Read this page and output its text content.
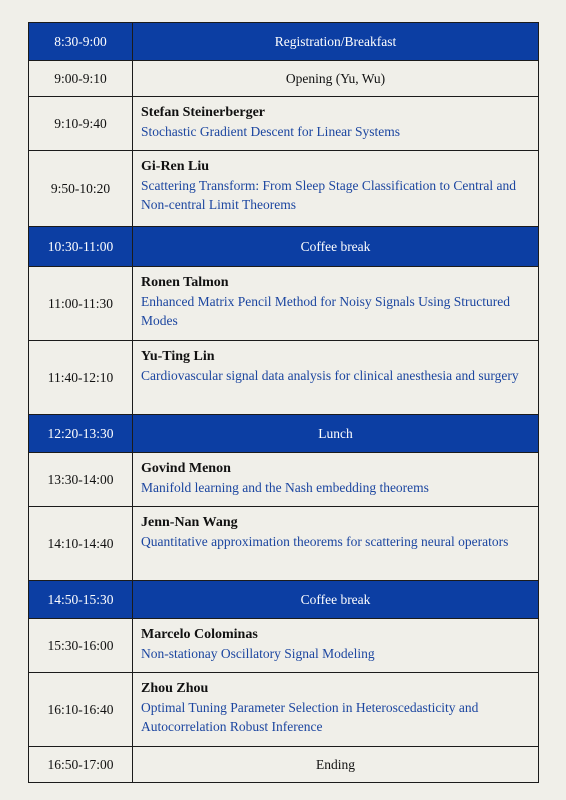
8:30-9:00	Registration/Breakfast
9:00-9:10	Opening (Yu, Wu)
9:10-9:40	Stefan Steinerberger
Stochastic Gradient Descent for Linear Systems

9:50-10:20	Gi-Ren Liu
Scattering Transform: From Sleep Stage Classification to Central and Non-central Limit Theorems

10:30-11:00	Coffee break
11:00-11:30	Ronen Talmon
Enhanced Matrix Pencil Method for Noisy Signals Using Structured Modes

11:40-12:10	Yu-Ting Lin
Cardiovascular signal data analysis for clinical anesthesia and surgery

12:20-13:30	Lunch
13:30-14:00	Govind Menon
Manifold learning and the Nash embedding theorems

14:10-14:40	Jenn-Nan Wang
Quantitative approximation theorems for scattering neural operators

14:50-15:30	Coffee break
15:30-16:00	Marcelo Colominas
Non-stationay Oscillatory Signal Modeling

16:10-16:40	Zhou Zhou
Optimal Tuning Parameter Selection in Heteroscedasticity and Autocorrelation Robust Inference

16:50-17:00	Ending
